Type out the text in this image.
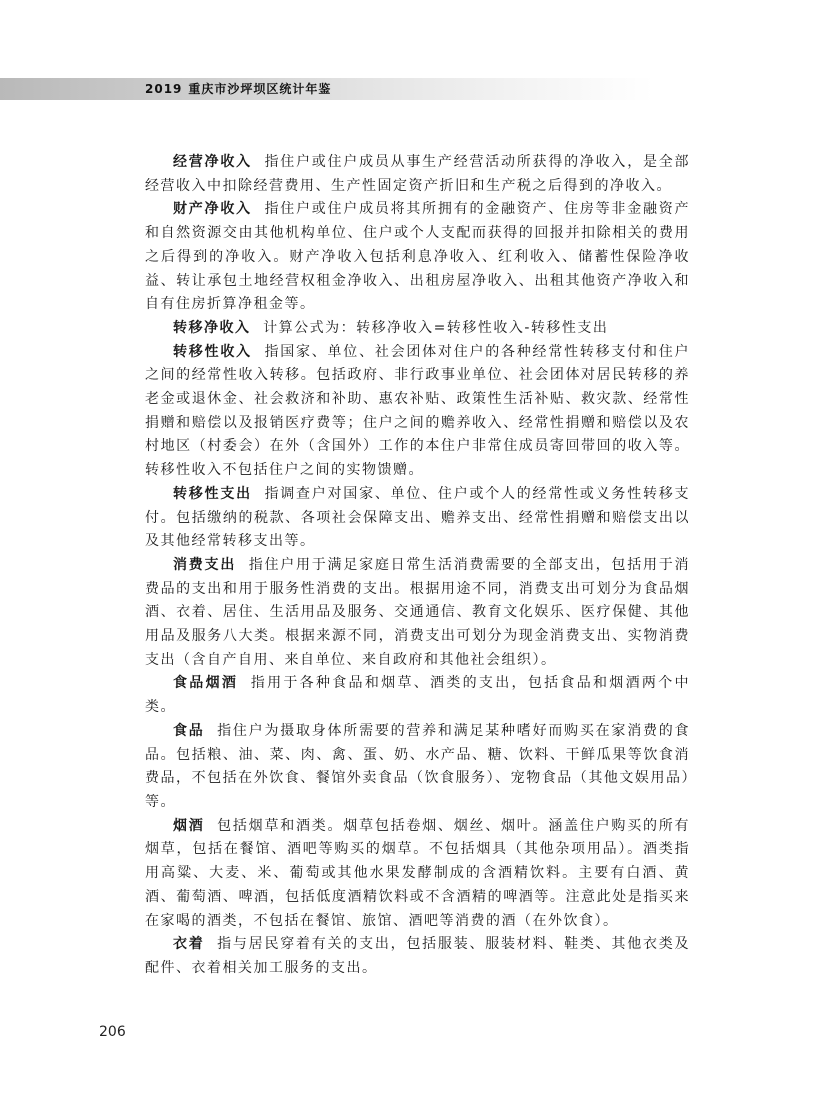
2019 重庆市沙坪坝区统计年鉴

经营净收入 指住户或住户成员从事生产经营活动所获得的净收入，是全部经营收入中扣除经营费用、生产性固定资产折旧和生产税之后得到的净收入。

财产净收入 指住户或住户成员将其所拥有的金融资产、住房等非金融资产和自然资源交由其他机构单位、住户或个人支配而获得的回报并扣除相关的费用之后得到的净收入。财产净收入包括利息净收入、红利收入、储蓄性保险净收益、转让承包土地经营权租金净收入、出租房屋净收入、出租其他资产净收入和自有住房折算净租金等。

转移净收入 计算公式为：转移净收入=转移性收入-转移性支出

转移性收入 指国家、单位、社会团体对住户的各种经常性转移支付和住户之间的经常性收入转移。包括政府、非行政事业单位、社会团体对居民转移的养老金或退休金、社会救济和补助、惠农补贴、政策性生活补贴、救灾款、经常性捐赠和赔偿以及报销医疗费等；住户之间的赡养收入、经常性捐赠和赔偿以及农村地区（村委会）在外（含国外）工作的本住户非常住成员寄回带回的收入等。转移性收入不包括住户之间的实物馈赠。

转移性支出 指调查户对国家、单位、住户或个人的经常性或义务性转移支付。包括缴纳的税款、各项社会保障支出、赡养支出、经常性捐赠和赔偿支出以及其他经常转移支出等。

消费支出 指住户用于满足家庭日常生活消费需要的全部支出，包括用于消费品的支出和用于服务性消费的支出。根据用途不同，消费支出可划分为食品烟酒、衣着、居住、生活用品及服务、交通通信、教育文化娱乐、医疗保健、其他用品及服务八大类。根据来源不同，消费支出可划分为现金消费支出、实物消费支出（含自产自用、来自单位、来自政府和其他社会组织）。

食品烟酒 指用于各种食品和烟草、酒类的支出，包括食品和烟酒两个中类。

食品 指住户为摄取身体所需要的营养和满足某种嗜好而购买在家消费的食品。包括粮、油、菜、肉、禽、蛋、奶、水产品、糖、饮料、干鲜瓜果等饮食消费品，不包括在外饮食、餐馆外卖食品（饮食服务）、宠物食品（其他文娱用品）等。

烟酒 包括烟草和酒类。烟草包括卷烟、烟丝、烟叶。涵盖住户购买的所有烟草，包括在餐馆、酒吧等购买的烟草。不包括烟具（其他杂项用品）。酒类指用高粱、大麦、米、葡萄或其他水果发酵制成的含酒精饮料。主要有白酒、黄酒、葡萄酒、啤酒，包括低度酒精饮料或不含酒精的啤酒等。注意此处是指买来在家喝的酒类，不包括在餐馆、旅馆、酒吧等消费的酒（在外饮食）。

衣着 指与居民穿着有关的支出，包括服装、服装材料、鞋类、其他衣类及配件、衣着相关加工服务的支出。

206
